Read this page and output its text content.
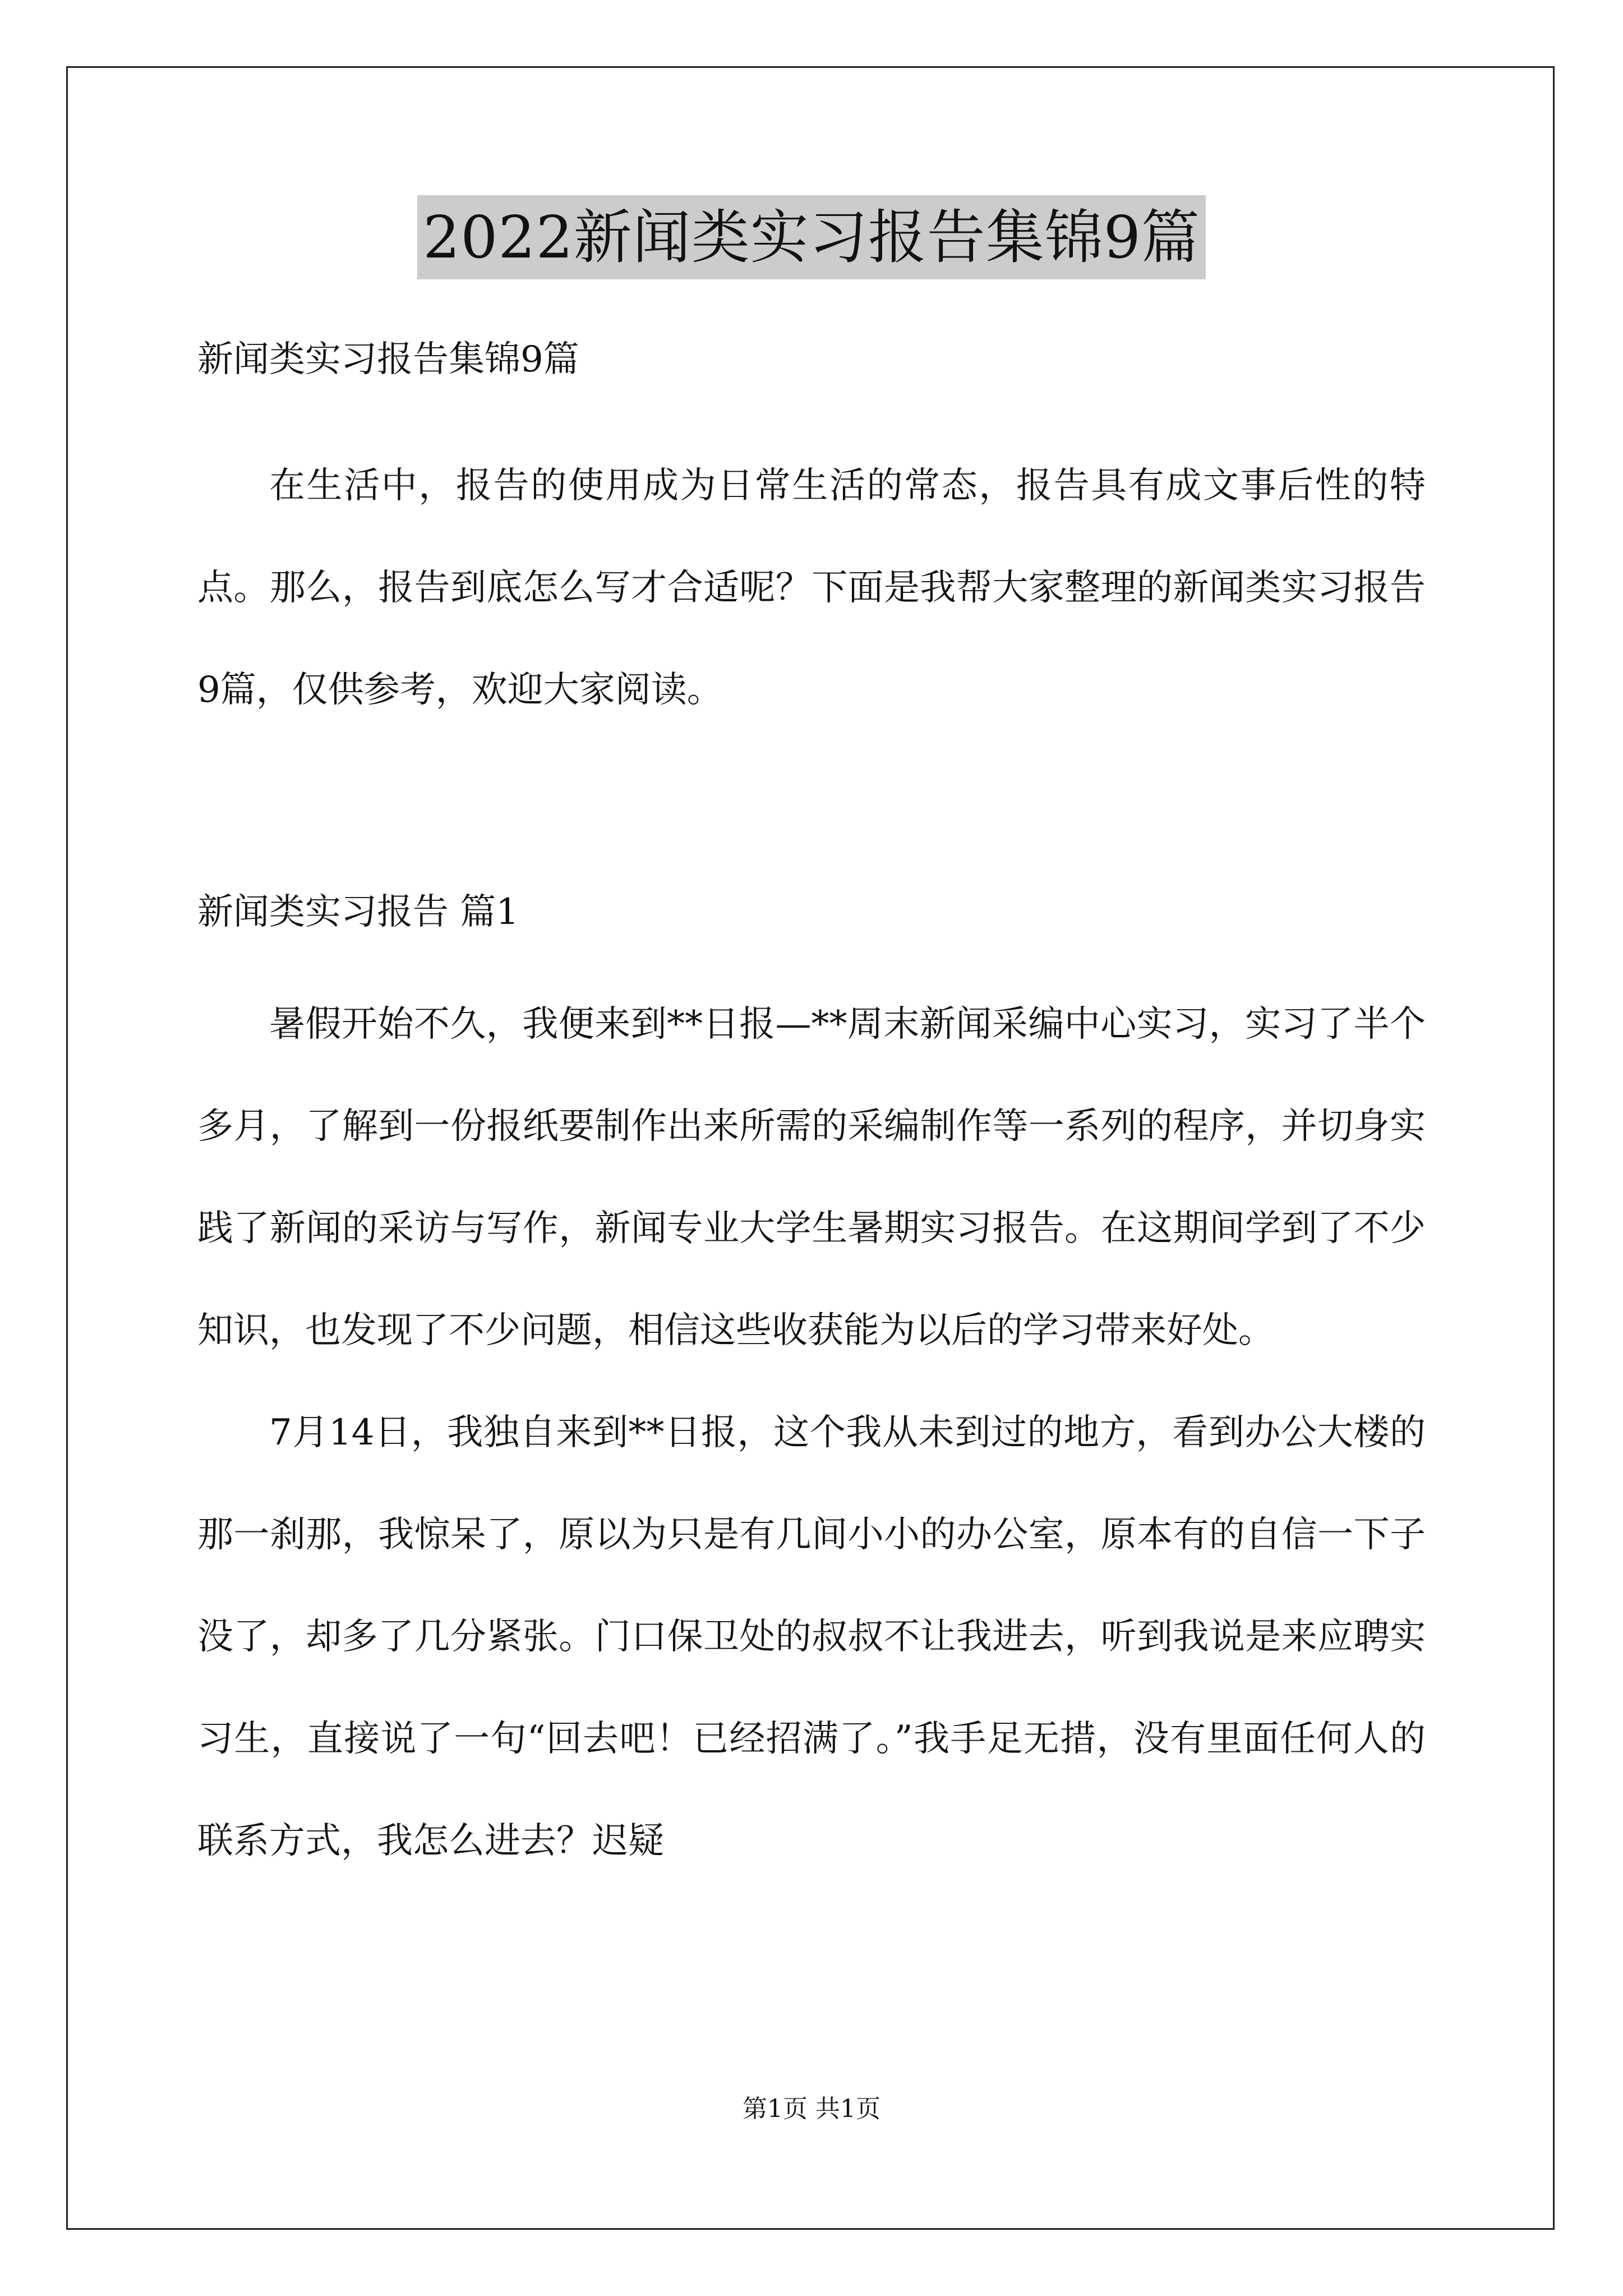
2022新闻类实习报告集锦9篇

新闻类实习报告集锦9篇

在生活中，报告的使用成为日常生活的常态，报告具有成文事后性的特点。那么，报告到底怎么写才合适呢？下面是我帮大家整理的新闻类实习报告9篇，仅供参考，欢迎大家阅读。

新闻类实习报告 篇1

暑假开始不久，我便来到**日报—**周末新闻采编中心实习，实习了半个多月，了解到一份报纸要制作出来所需的采编制作等一系列的程序，并切身实践了新闻的采访与写作，新闻专业大学生暑期实习报告。在这期间学到了不少知识，也发现了不少问题，相信这些收获能为以后的学习带来好处。

7月14日，我独自来到**日报，这个我从未到过的地方，看到办公大楼的那一刹那，我惊呆了，原以为只是有几间小小的办公室，原本有的自信一下子没了，却多了几分紧张。门口保卫处的叔叔不让我进去，听到我说是来应聘实习生，直接说了一句“回去吧！已经招满了。”我手足无措，没有里面任何人的联系方式，我怎么进去？迟疑

第1页 共1页
